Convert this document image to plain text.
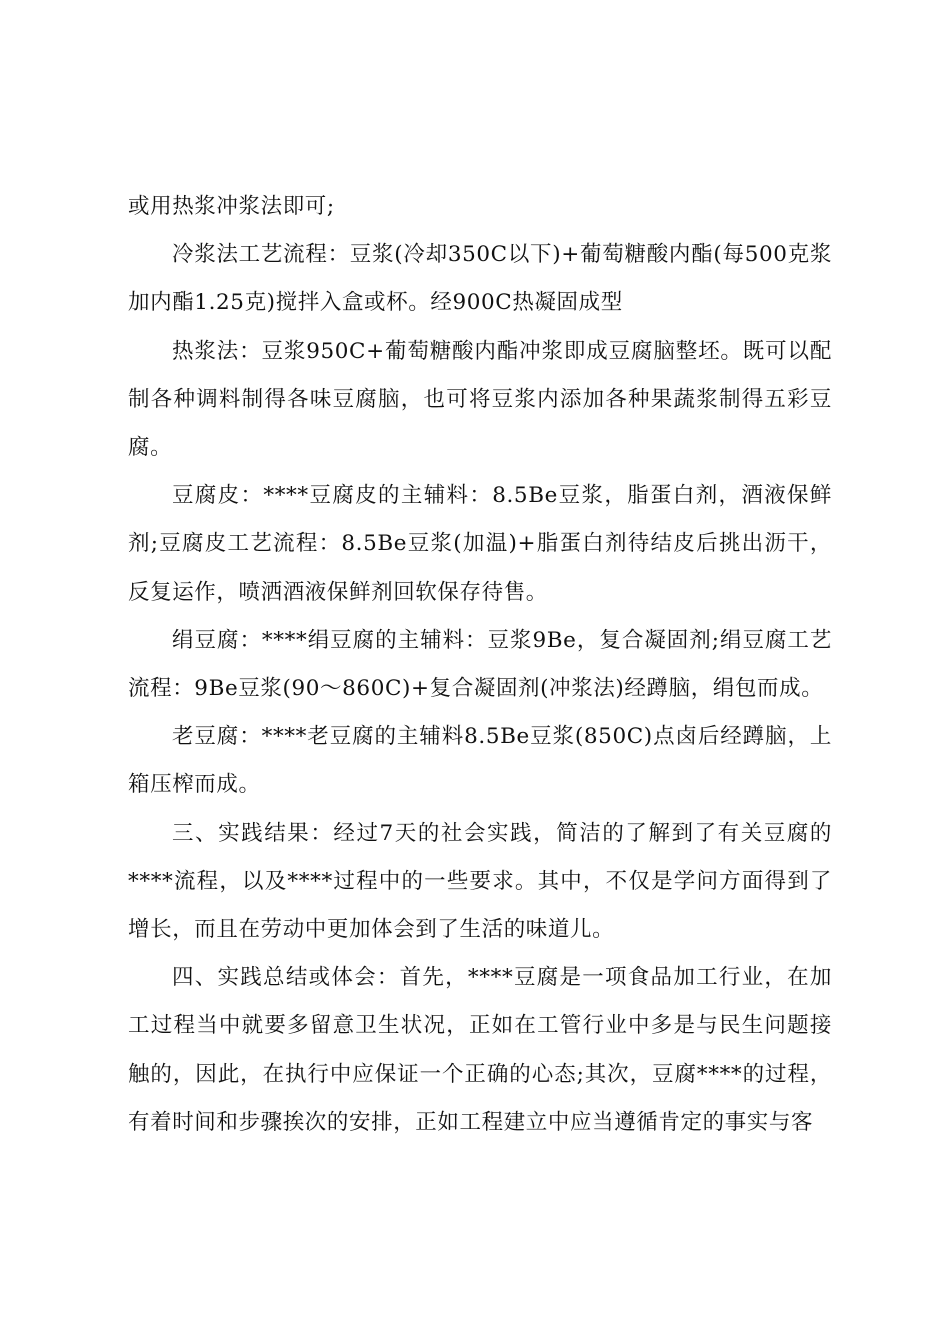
或用热浆冲浆法即可;

冷浆法工艺流程：豆浆(冷却350C以下)+葡萄糖酸内酯(每500克浆加内酯1.25克)搅拌入盒或杯。经900C热凝固成型

热浆法：豆浆950C+葡萄糖酸内酯冲浆即成豆腐脑整坯。既可以配制各种调料制得各味豆腐脑，也可将豆浆内添加各种果蔬浆制得五彩豆腐。

豆腐皮：****豆腐皮的主辅料：8.5Be豆浆，脂蛋白剂，酒液保鲜剂;豆腐皮工艺流程：8.5Be豆浆(加温)+脂蛋白剂待结皮后挑出沥干，反复运作，喷洒酒液保鲜剂回软保存待售。

绢豆腐：****绢豆腐的主辅料：豆浆9Be，复合凝固剂;绢豆腐工艺流程：9Be豆浆(90～860C)+复合凝固剂(冲浆法)经蹲脑，绢包而成。

老豆腐：****老豆腐的主辅料8.5Be豆浆(850C)点卤后经蹲脑，上箱压榨而成。

三、实践结果：经过7天的社会实践，简洁的了解到了有关豆腐的****流程，以及****过程中的一些要求。其中，不仅是学问方面得到了增长，而且在劳动中更加体会到了生活的味道儿。

四、实践总结或体会：首先，****豆腐是一项食品加工行业，在加工过程当中就要多留意卫生状况，正如在工管行业中多是与民生问题接触的，因此，在执行中应保证一个正确的心态;其次，豆腐****的过程，有着时间和步骤挨次的安排，正如工程建立中应当遵循肯定的事实与客
